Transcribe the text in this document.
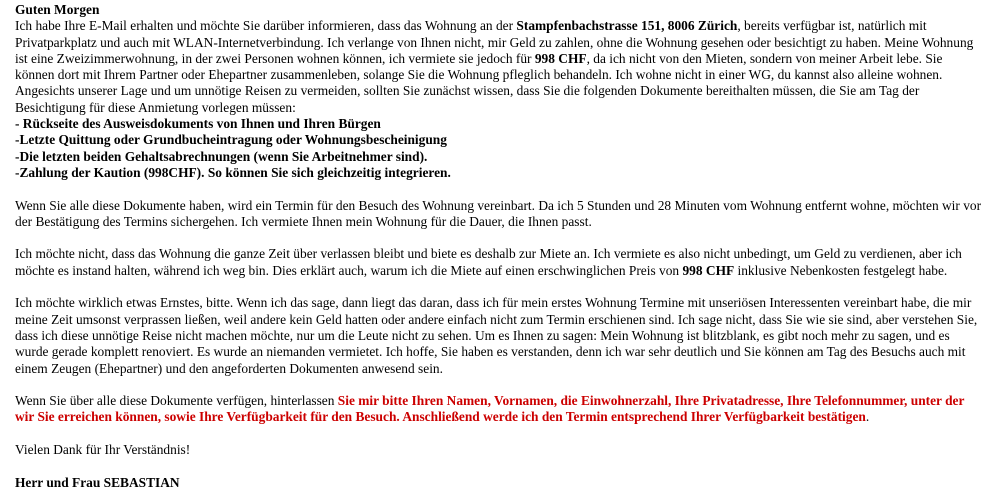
Guten Morgen

Ich habe Ihre E-Mail erhalten und möchte Sie darüber informieren, dass das Wohnung an der Stampfenbachstrasse 151, 8006 Zürich, bereits verfügbar ist, natürlich mit Privatparkplatz und auch mit WLAN-Internetverbindung. Ich verlange von Ihnen nicht, mir Geld zu zahlen, ohne die Wohnung gesehen oder besichtigt zu haben. Meine Wohnung ist eine Zweizimmerwohnung, in der zwei Personen wohnen können, ich vermiete sie jedoch für 998 CHF, da ich nicht von den Mieten, sondern von meiner Arbeit lebe. Sie können dort mit Ihrem Partner oder Ehepartner zusammenleben, solange Sie die Wohnung pfleglich behandeln. Ich wohne nicht in einer WG, du kannst also alleine wohnen. Angesichts unserer Lage und um unnötige Reisen zu vermeiden, sollten Sie zunächst wissen, dass Sie die folgenden Dokumente bereithalten müssen, die Sie am Tag der Besichtigung für diese Anmietung vorlegen müssen:

- Rückseite des Ausweisdokuments von Ihnen und Ihren Bürgen

-Letzte Quittung oder Grundbucheintragung oder Wohnungsbescheinigung

-Die letzten beiden Gehaltsabrechnungen (wenn Sie Arbeitnehmer sind).

-Zahlung der Kaution (998CHF). So können Sie sich gleichzeitig integrieren.

Wenn Sie alle diese Dokumente haben, wird ein Termin für den Besuch des Wohnung vereinbart. Da ich 5 Stunden und 28 Minuten vom Wohnung entfernt wohne, möchten wir vor der Bestätigung des Termins sichergehen. Ich vermiete Ihnen mein Wohnung für die Dauer, die Ihnen passt.

Ich möchte nicht, dass das Wohnung die ganze Zeit über verlassen bleibt und biete es deshalb zur Miete an. Ich vermiete es also nicht unbedingt, um Geld zu verdienen, aber ich möchte es instand halten, während ich weg bin. Dies erklärt auch, warum ich die Miete auf einen erschwinglichen Preis von 998 CHF inklusive Nebenkosten festgelegt habe.

Ich möchte wirklich etwas Ernstes, bitte. Wenn ich das sage, dann liegt das daran, dass ich für mein erstes Wohnung Termine mit unseriösen Interessenten vereinbart habe, die mir meine Zeit umsonst verprassen ließen, weil andere kein Geld hatten oder andere einfach nicht zum Termin erschienen sind. Ich sage nicht, dass Sie wie sie sind, aber verstehen Sie, dass ich diese unnötige Reise nicht machen möchte, nur um die Leute nicht zu sehen. Um es Ihnen zu sagen: Mein Wohnung ist blitzblank, es gibt noch mehr zu sagen, und es wurde gerade komplett renoviert. Es wurde an niemanden vermietet. Ich hoffe, Sie haben es verstanden, denn ich war sehr deutlich und Sie können am Tag des Besuchs auch mit einem Zeugen (Ehepartner) und den angeforderten Dokumenten anwesend sein.

Wenn Sie über alle diese Dokumente verfügen, hinterlassen Sie mir bitte Ihren Namen, Vornamen, die Einwohnerzahl, Ihre Privatadresse, Ihre Telefonnummer, unter der wir Sie erreichen können, sowie Ihre Verfügbarkeit für den Besuch. Anschließend werde ich den Termin entsprechend Ihrer Verfügbarkeit bestätigen.

Vielen Dank für Ihr Verständnis!

Herr und Frau SEBASTIAN
